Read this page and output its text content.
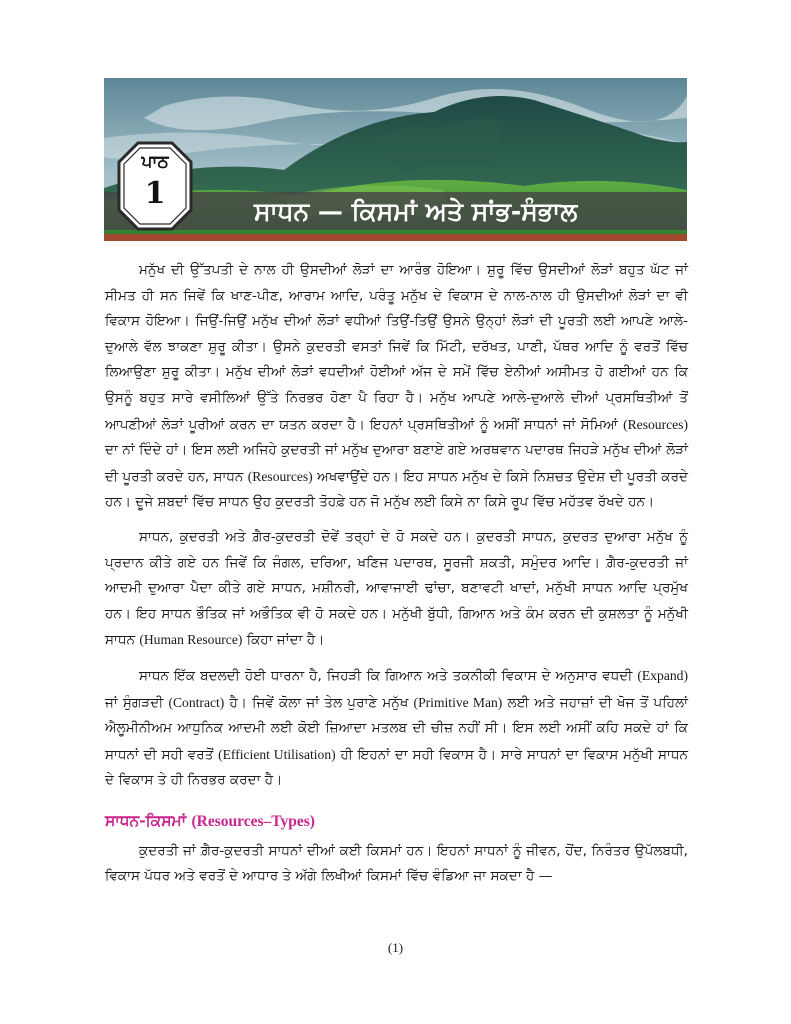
ਸਾਧਨ — ਕਿਸਮਾਂ ਅਤੇ ਸਾਂਭ-ਸੰਭਾਲ
ਪਾਠ
1

ਮਨੁੱਖ ਦੀ ਉੱਤਪਤੀ ਦੇ ਨਾਲ ਹੀ ਉਸਦੀਆਂ ਲੋੜਾਂ ਦਾ ਆਰੰਭ ਹੋਇਆ। ਸ਼ੁਰੂ ਵਿੱਚ ਉਸਦੀਆਂ ਲੋੜਾਂ ਬਹੁਤ ਘੱਟ ਜਾਂ ਸੀਮਤ ਹੀ ਸਨ ਜਿਵੇਂ ਕਿ ਖਾਣ-ਪੀਣ, ਆਰਾਮ ਆਦਿ, ਪਰੰਤੂ ਮਨੁੱਖ ਦੇ ਵਿਕਾਸ ਦੇ ਨਾਲ-ਨਾਲ ਹੀ ਉਸਦੀਆਂ ਲੋੜਾਂ ਦਾ ਵੀ ਵਿਕਾਸ ਹੋਇਆ। ਜਿਉਂ-ਜਿਉਂ ਮਨੁੱਖ ਦੀਆਂ ਲੋੜਾਂ ਵਧੀਆਂ ਤਿਉਂ-ਤਿਉਂ ਉਸਨੇ ਉਨ੍ਹਾਂ ਲੋੜਾਂ ਦੀ ਪੂਰਤੀ ਲਈ ਆਪਣੇ ਆਲੇ-ਦੁਆਲੇ ਵੱਲ ਝਾਕਣਾ ਸ਼ੁਰੂ ਕੀਤਾ। ਉਸਨੇ ਕੁਦਰਤੀ ਵਸਤਾਂ ਜਿਵੇਂ ਕਿ ਮਿੱਟੀ, ਦਰੱਖਤ, ਪਾਣੀ, ਪੱਥਰ ਆਦਿ ਨੂੰ ਵਰਤੋਂ ਵਿੱਚ ਲਿਆਉਣਾ ਸ਼ੁਰੂ ਕੀਤਾ। ਮਨੁੱਖ ਦੀਆਂ ਲੋੜਾਂ ਵਧਦੀਆਂ ਹੋਈਆਂ ਅੱਜ ਦੇ ਸਮੇਂ ਵਿੱਚ ਏਨੀਆਂ ਅਸੀਮਤ ਹੋ ਗਈਆਂ ਹਨ ਕਿ ਉਸਨੂੰ ਬਹੁਤ ਸਾਰੇ ਵਸੀਲਿਆਂ ਉੱਤੇ ਨਿਰਭਰ ਹੋਣਾ ਪੈ ਰਿਹਾ ਹੈ। ਮਨੁੱਖ ਆਪਣੇ ਆਲੇ-ਦੁਆਲੇ ਦੀਆਂ ਪ੍ਰਸਥਿਤੀਆਂ ਤੋਂ ਆਪਣੀਆਂ ਲੋੜਾਂ ਪੂਰੀਆਂ ਕਰਨ ਦਾ ਯਤਨ ਕਰਦਾ ਹੈ। ਇਹਨਾਂ ਪ੍ਰਸਥਿਤੀਆਂ ਨੂੰ ਅਸੀਂ ਸਾਧਨਾਂ ਜਾਂ ਸੋਮਿਆਂ (Resources) ਦਾ ਨਾਂ ਦਿੰਦੇ ਹਾਂ। ਇਸ ਲਈ ਅਜਿਹੇ ਕੁਦਰਤੀ ਜਾਂ ਮਨੁੱਖ ਦੁਆਰਾ ਬਣਾਏ ਗਏ ਅਰਥਵਾਨ ਪਦਾਰਥ ਜਿਹੜੇ ਮਨੁੱਖ ਦੀਆਂ ਲੋੜਾਂ ਦੀ ਪੂਰਤੀ ਕਰਦੇ ਹਨ, ਸਾਧਨ (Resources) ਅਖਵਾਉਂਦੇ ਹਨ। ਇਹ ਸਾਧਨ ਮਨੁੱਖ ਦੇ ਕਿਸੇ ਨਿਸ਼ਚਤ ਉਦੇਸ਼ ਦੀ ਪੂਰਤੀ ਕਰਦੇ ਹਨ। ਦੂਜੇ ਸ਼ਬਦਾਂ ਵਿੱਚ ਸਾਧਨ ਉਹ ਕੁਦਰਤੀ ਤੋਹਫ਼ੇ ਹਨ ਜੋ ਮਨੁੱਖ ਲਈ ਕਿਸੇ ਨਾ ਕਿਸੇ ਰੂਪ ਵਿੱਚ ਮਹੱਤਵ ਰੱਖਦੇ ਹਨ।

ਸਾਧਨ, ਕੁਦਰਤੀ ਅਤੇ ਗ਼ੈਰ-ਕੁਦਰਤੀ ਦੋਵੇਂ ਤਰ੍ਹਾਂ ਦੇ ਹੋ ਸਕਦੇ ਹਨ। ਕੁਦਰਤੀ ਸਾਧਨ, ਕੁਦਰਤ ਦੁਆਰਾ ਮਨੁੱਖ ਨੂੰ ਪ੍ਰਦਾਨ ਕੀਤੇ ਗਏ ਹਨ ਜਿਵੇਂ ਕਿ ਜੰਗਲ, ਦਰਿਆ, ਖਣਿਜ ਪਦਾਰਥ, ਸੂਰਜੀ ਸ਼ਕਤੀ, ਸਮੁੰਦਰ ਆਦਿ। ਗ਼ੈਰ-ਕੁਦਰਤੀ ਜਾਂ ਆਦਮੀ ਦੁਆਰਾ ਪੈਦਾ ਕੀਤੇ ਗਏ ਸਾਧਨ, ਮਸ਼ੀਨਰੀ, ਆਵਾਜਾਈ ਢਾਂਚਾ, ਬਣਾਵਟੀ ਖਾਦਾਂ, ਮਨੁੱਖੀ ਸਾਧਨ ਆਦਿ ਪ੍ਰਮੁੱਖ ਹਨ। ਇਹ ਸਾਧਨ ਭੌਤਿਕ ਜਾਂ ਅਭੌਤਿਕ ਵੀ ਹੋ ਸਕਦੇ ਹਨ। ਮਨੁੱਖੀ ਬੁੱਧੀ, ਗਿਆਨ ਅਤੇ ਕੰਮ ਕਰਨ ਦੀ ਕੁਸ਼ਲਤਾ ਨੂੰ ਮਨੁੱਖੀ ਸਾਧਨ (Human Resource) ਕਿਹਾ ਜਾਂਦਾ ਹੈ।

ਸਾਧਨ ਇੱਕ ਬਦਲਦੀ ਹੋਈ ਧਾਰਨਾ ਹੈ, ਜਿਹੜੀ ਕਿ ਗਿਆਨ ਅਤੇ ਤਕਨੀਕੀ ਵਿਕਾਸ ਦੇ ਅਨੁਸਾਰ ਵਧਦੀ (Expand) ਜਾਂ ਸੁੰਗੜਦੀ (Contract) ਹੈ। ਜਿਵੇਂ ਕੋਲਾ ਜਾਂ ਤੇਲ ਪੁਰਾਣੇ ਮਨੁੱਖ (Primitive Man) ਲਈ ਅਤੇ ਜਹਾਜ਼ਾਂ ਦੀ ਖੋਜ ਤੋਂ ਪਹਿਲਾਂ ਐਲੂਮੀਨੀਅਮ ਆਧੁਨਿਕ ਆਦਮੀ ਲਈ ਕੋਈ ਜ਼ਿਆਦਾ ਮਤਲਬ ਦੀ ਚੀਜ਼ ਨਹੀਂ ਸੀ। ਇਸ ਲਈ ਅਸੀਂ ਕਹਿ ਸਕਦੇ ਹਾਂ ਕਿ ਸਾਧਨਾਂ ਦੀ ਸਹੀ ਵਰਤੋਂ (Efficient Utilisation) ਹੀ ਇਹਨਾਂ ਦਾ ਸਹੀ ਵਿਕਾਸ ਹੈ। ਸਾਰੇ ਸਾਧਨਾਂ ਦਾ ਵਿਕਾਸ ਮਨੁੱਖੀ ਸਾਧਨ ਦੇ ਵਿਕਾਸ ਤੇ ਹੀ ਨਿਰਭਰ ਕਰਦਾ ਹੈ।

ਸਾਧਨ-ਕਿਸਮਾਂ (Resources–Types)

ਕੁਦਰਤੀ ਜਾਂ ਗ਼ੈਰ-ਕੁਦਰਤੀ ਸਾਧਨਾਂ ਦੀਆਂ ਕਈ ਕਿਸਮਾਂ ਹਨ। ਇਹਨਾਂ ਸਾਧਨਾਂ ਨੂੰ ਜੀਵਨ, ਹੋਂਦ, ਨਿਰੰਤਰ ਉਪੱਲਬਧੀ, ਵਿਕਾਸ ਪੱਧਰ ਅਤੇ ਵਰਤੋਂ ਦੇ ਆਧਾਰ ਤੇ ਅੱਗੇ ਲਿਖੀਆਂ ਕਿਸਮਾਂ ਵਿੱਚ ਵੰਡਿਆ ਜਾ ਸਕਦਾ ਹੈ —

(1)
